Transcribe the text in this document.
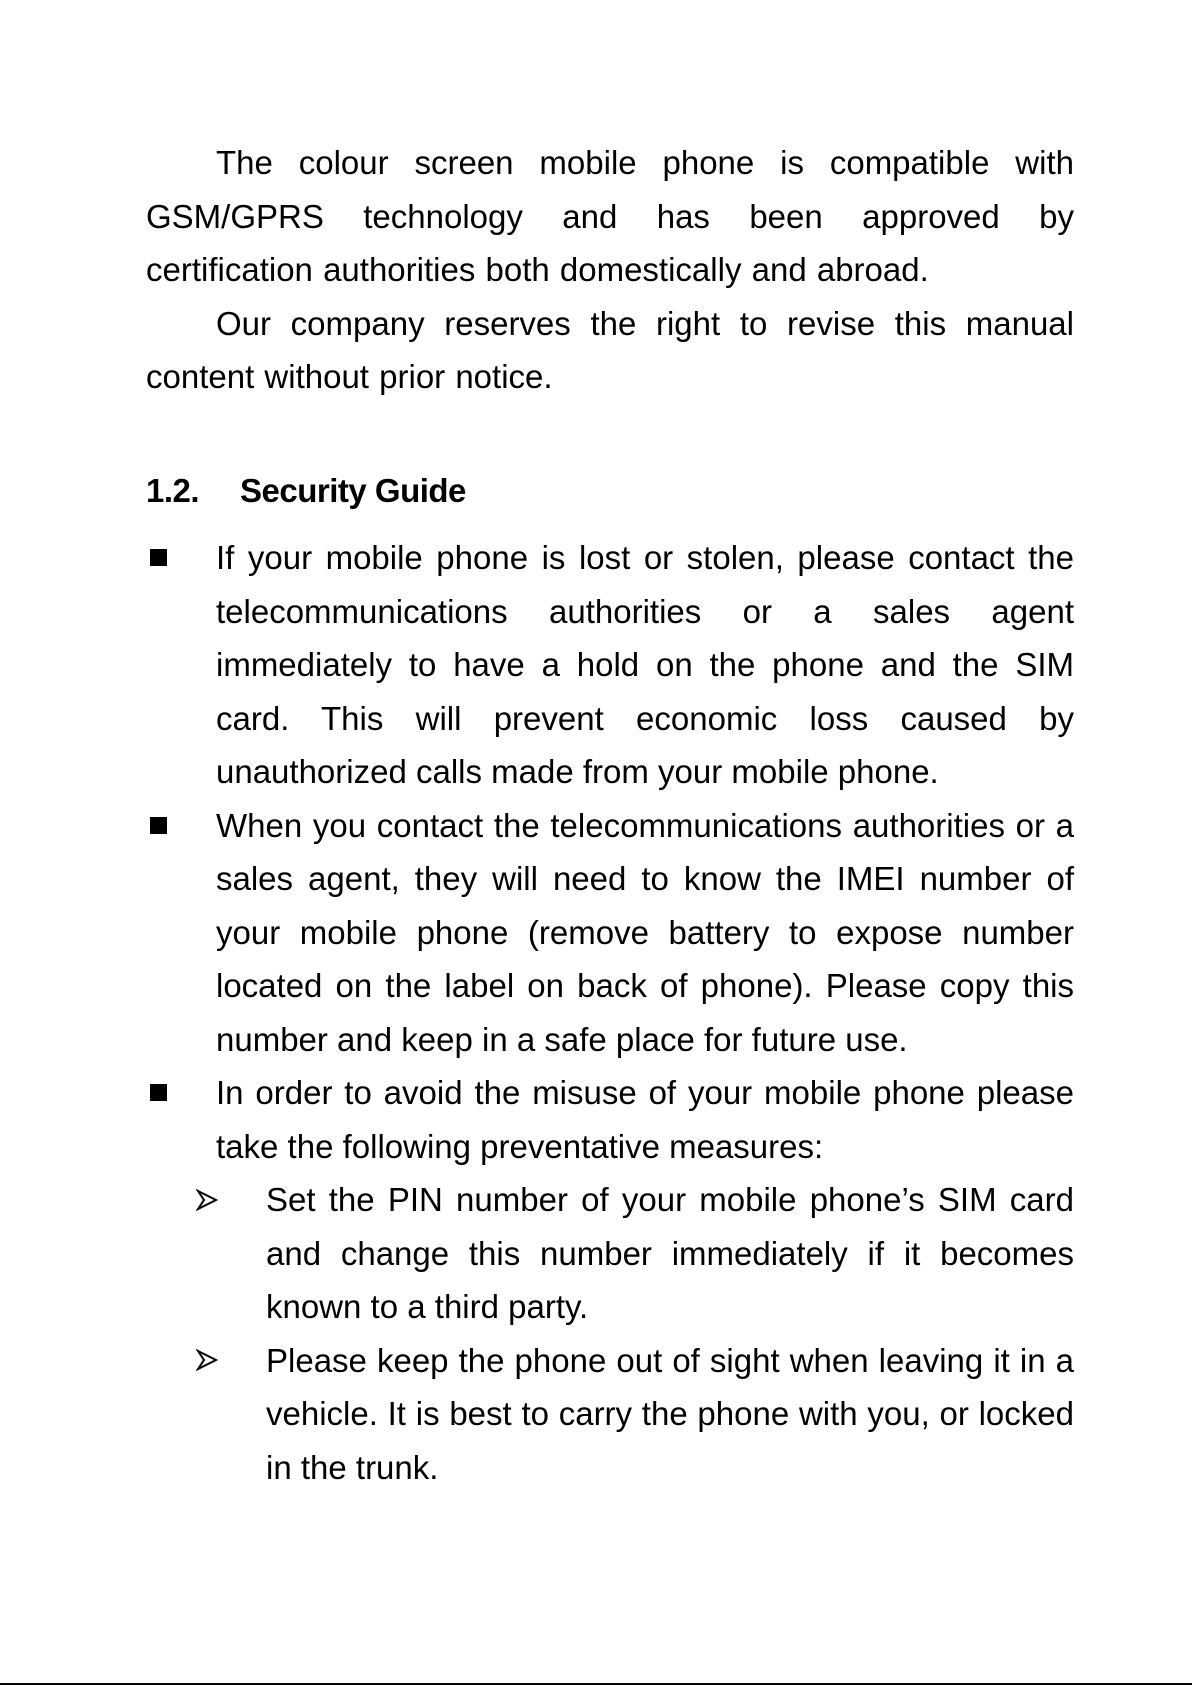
The colour screen mobile phone is compatible with GSM/GPRS technology and has been approved by certification authorities both domestically and abroad.

Our company reserves the right to revise this manual content without prior notice.

1.2.	Security Guide
If your mobile phone is lost or stolen, please contact the telecommunications authorities or a sales agent immediately to have a hold on the phone and the SIM card. This will prevent economic loss caused by unauthorized calls made from your mobile phone.
When you contact the telecommunications authorities or a sales agent, they will need to know the IMEI number of your mobile phone (remove battery to expose number located on the label on back of phone). Please copy this number and keep in a safe place for future use.
In order to avoid the misuse of your mobile phone please take the following preventative measures:
Set the PIN number of your mobile phone’s SIM card and change this number immediately if it becomes known to a third party.
Please keep the phone out of sight when leaving it in a vehicle. It is best to carry the phone with you, or locked in the trunk.
